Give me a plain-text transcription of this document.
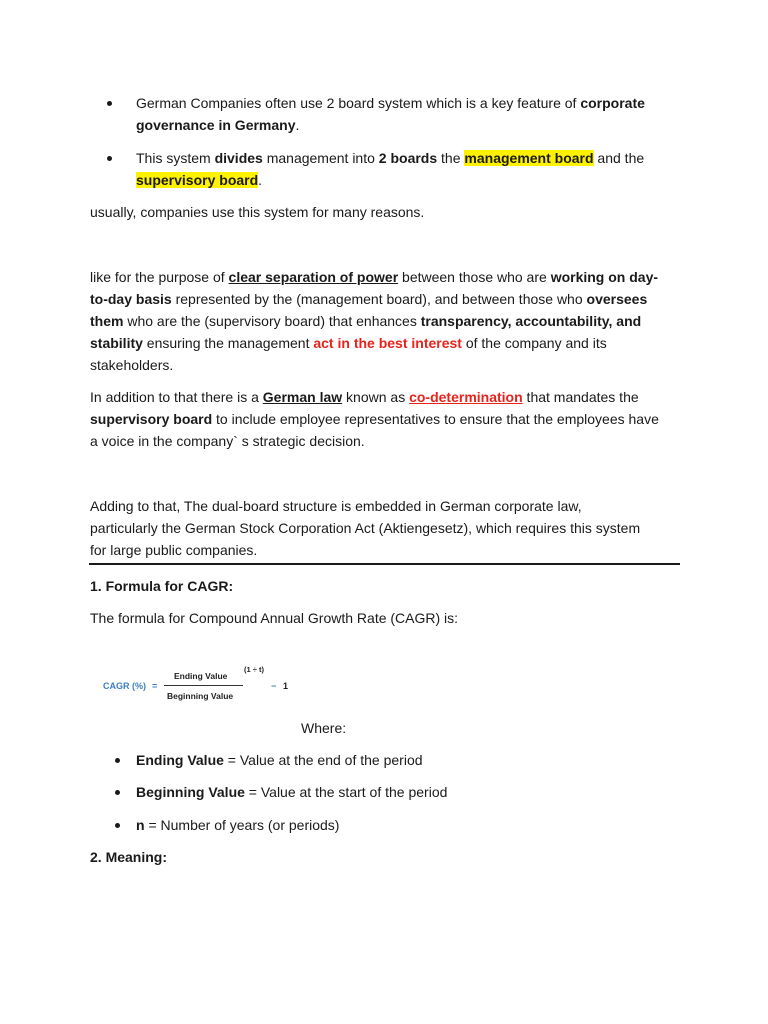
German Companies often use 2 board system which is a key feature of corporate
governance in Germany.
This system divides management into 2 boards the management board and the
supervisory board.
usually, companies use this system for many reasons.
like for the purpose of clear separation of power between those who are working on day-
to-day basis represented by the (management board), and between those who oversees
them who are the (supervisory board) that enhances transparency, accountability, and
stability ensuring the management act in the best interest of the company and its
stakeholders.
In addition to that there is a German law known as co-determination that mandates the
supervisory board to include employee representatives to ensure that the employees have
a voice in the company` s strategic decision.
Adding to that, The dual-board structure is embedded in German corporate law,
particularly the German Stock Corporation Act (Aktiengesetz), which requires this system
for large public companies.
1. Formula for CAGR:
The formula for Compound Annual Growth Rate (CAGR) is:
CAGR (%) =
Ending Value
Beginning Value
(1 ÷ t)
− 1
Where:
Ending Value = Value at the end of the period
Beginning Value = Value at the start of the period
n = Number of years (or periods)
2. Meaning:
